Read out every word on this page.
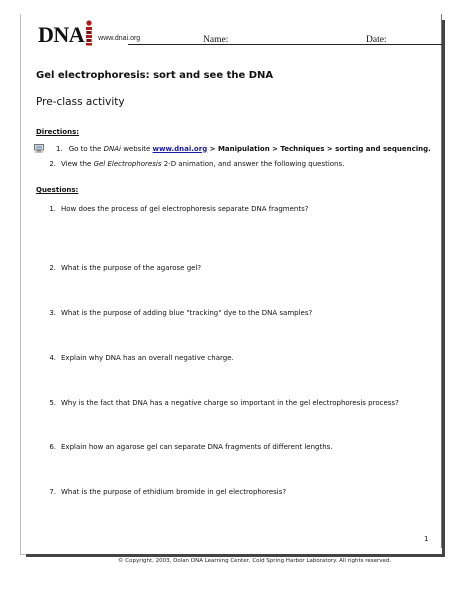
DNA www.dnai.org	Name:	Date:
Gel electrophoresis: sort and see the DNA
Pre-class activity
Directions:
1. Go to the DNAi website www.dnai.org > Manipulation > Techniques > sorting and sequencing.
2. View the Gel Electrophoresis 2-D animation, and answer the following questions.
Questions:
1. How does the process of gel electrophoresis separate DNA fragments?
2. What is the purpose of the agarose gel?
3. What is the purpose of adding blue "tracking" dye to the DNA samples?
4. Explain why DNA has an overall negative charge.
5. Why is the fact that DNA has a negative charge so important in the gel electrophoresis process?
6. Explain how an agarose gel can separate DNA fragments of different lengths.
7. What is the purpose of ethidium bromide in gel electrophoresis?
1
© Copyright, 2003, Dolan DNA Learning Center, Cold Spring Harbor Laboratory. All rights reserved.
